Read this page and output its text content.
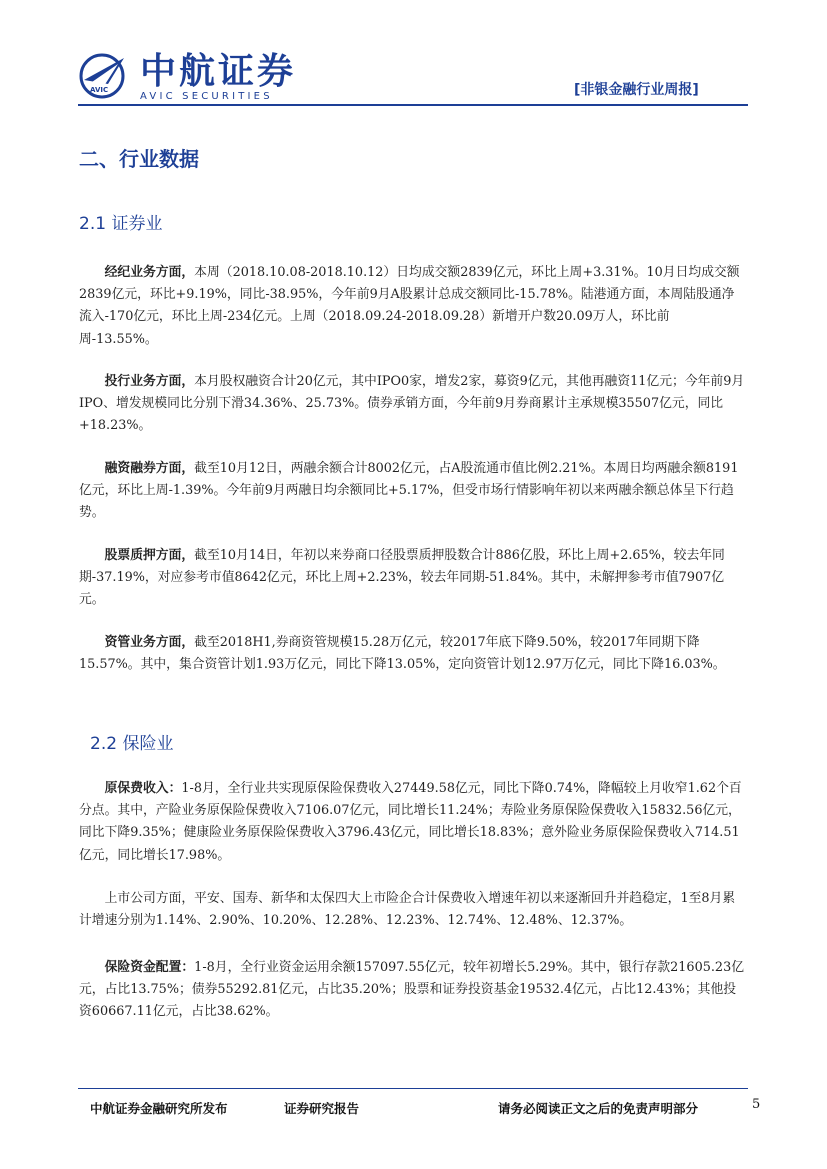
AVIC 中航证券
AVIC SECURITIES	[非银金融行业周报]
二、行业数据
2.1 证券业
经纪业务方面，本周（2018.10.08-2018.10.12）日均成交额2839亿元，环比上周+3.31%。10月日均成交额2839亿元，环比+9.19%，同比-38.95%，今年前9月A股累计总成交额同比-15.78%。陆港通方面，本周陆股通净流入-170亿元，环比上周-234亿元。上周（2018.09.24-2018.09.28）新增开户数20.09万人，环比前周-13.55%。
投行业务方面，本月股权融资合计20亿元，其中IPO0家，增发2家，募资9亿元，其他再融资11亿元；今年前9月IPO、增发规模同比分别下滑34.36%、25.73%。债券承销方面，今年前9月券商累计主承规模35507亿元，同比+18.23%。
融资融券方面，截至10月12日，两融余额合计8002亿元，占A股流通市值比例2.21%。本周日均两融余额8191亿元，环比上周-1.39%。今年前9月两融日均余额同比+5.17%，但受市场行情影响年初以来两融余额总体呈下行趋势。
股票质押方面，截至10月14日，年初以来券商口径股票质押股数合计886亿股，环比上周+2.65%，较去年同期-37.19%，对应参考市值8642亿元，环比上周+2.23%，较去年同期-51.84%。其中，未解押参考市值7907亿元。
资管业务方面，截至2018H1,券商资管规模15.28万亿元，较2017年底下降9.50%，较2017年同期下降15.57%。其中，集合资管计划1.93万亿元，同比下降13.05%，定向资管计划12.97万亿元，同比下降16.03%。
2.2 保险业
原保费收入：1-8月，全行业共实现原保险保费收入27449.58亿元，同比下降0.74%，降幅较上月收窄1.62个百分点。其中，产险业务原保险保费收入7106.07亿元，同比增长11.24%；寿险业务原保险保费收入15832.56亿元，同比下降9.35%；健康险业务原保险保费收入3796.43亿元，同比增长18.83%；意外险业务原保险保费收入714.51亿元，同比增长17.98%。
上市公司方面，平安、国寿、新华和太保四大上市险企合计保费收入增速年初以来逐渐回升并趋稳定，1至8月累计增速分别为1.14%、2.90%、10.20%、12.28%、12.23%、12.74%、12.48%、12.37%。
保险资金配置：1-8月，全行业资金运用余额157097.55亿元，较年初增长5.29%。其中，银行存款21605.23亿元，占比13.75%；债券55292.81亿元，占比35.20%；股票和证券投资基金19532.4亿元，占比12.43%；其他投资60667.11亿元，占比38.62%。
中航证券金融研究所发布	证券研究报告	请务必阅读正文之后的免责声明部分	5
